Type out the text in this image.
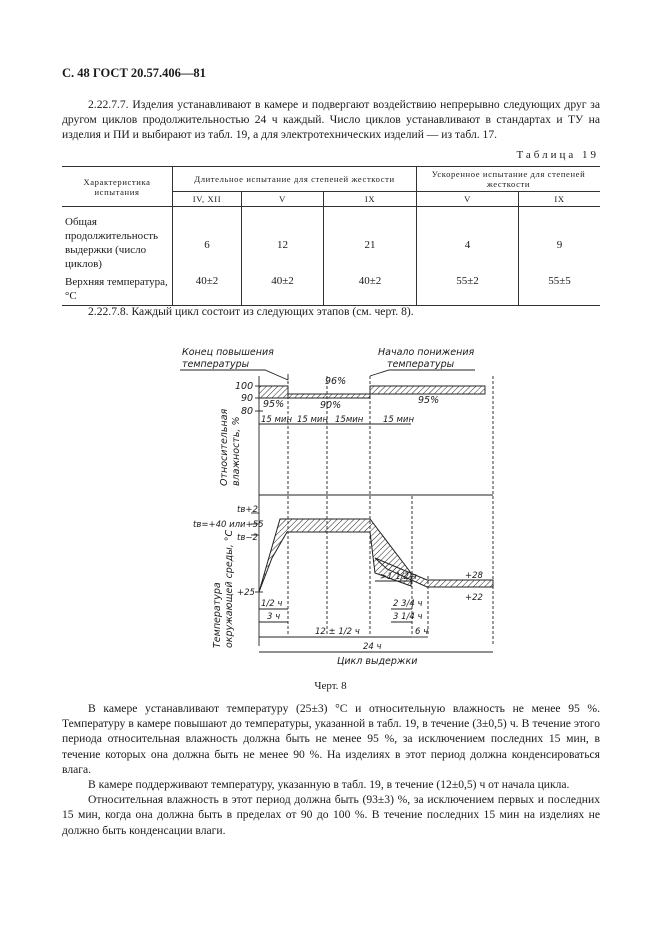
С. 48 ГОСТ 20.57.406—81
2.22.7.7. Изделия устанавливают в камере и подвергают воздействию непрерывно следующих друг за другом циклов продолжительностью 24 ч каждый. Число циклов устанавливают в стандартах и ТУ на изделия и ПИ и выбирают из табл. 19, а для электротехнических изделий — из табл. 17.
Таблица 19
Характеристика испытания	Длительное испытание для степеней жесткости			Ускоренное испытание для степеней жесткости	
	IV, XII	V	IX	V	IX
Общая продолжительность выдержки (число циклов)	6	12	21	4	9
Верхняя температура, °С	40±2	40±2	40±2	55±2	55±5
2.22.7.8. Каждый цикл состоит из следующих этапов (см. черт. 8).
Конец повышения
температуры
Начало понижения
температуры
100
90
80
96%
95%	90%	95%
15 мин 15 мин 15мин 15 мин
Относительная влажность, %
tв+2
tв=+40 или+55
tв−2
+25
+28
+22
Температура окружающей среды, °С	1/2 ч
3 ч
>1 1/2 ч
2 3/4 ч
3 1/4 ч
12 ± 1/2 ч	6 ч
24 ч
Цикл выдержки
Черт. 8

В камере устанавливают температуру (25±3) °С и относительную влажность не менее 95 %. Температуру в камере повышают до температуры, указанной в табл. 19, в течение (3±0,5) ч. В течение этого периода относительная влажность должна быть не менее 95 %, за исключением последних 15 мин, в течение которых она должна быть не менее 90 %. На изделиях в этот период должна конденсироваться влага.

В камере поддерживают температуру, указанную в табл. 19, в течение (12±0,5) ч от начала цикла.

Относительная влажность в этот период должна быть (93±3) %, за исключением первых и последних 15 мин, когда она должна быть в пределах от 90 до 100 %. В течение последних 15 мин на изделиях не должно быть конденсации влаги.
